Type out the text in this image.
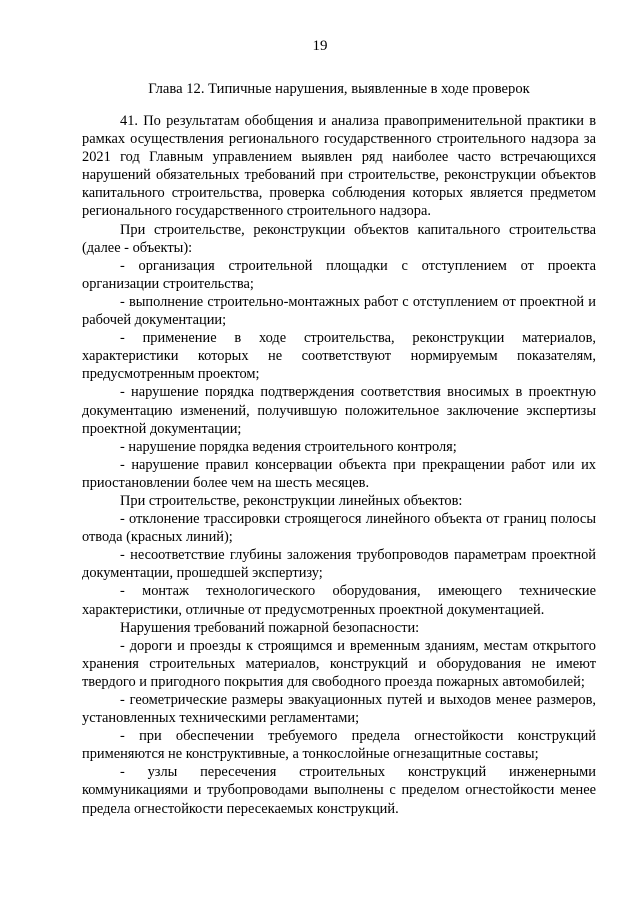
19
Глава 12. Типичные нарушения, выявленные в ходе проверок

41. По результатам обобщения и анализа правоприменительной практики в рамках осуществления регионального государственного строительного надзора за 2021 год Главным управлением выявлен ряд наиболее часто встречающихся нарушений обязательных требований при строительстве, реконструкции объектов капитального строительства, проверка соблюдения которых является предметом регионального государственного строительного надзора.

При строительстве, реконструкции объектов капитального строительства (далее - объекты):

- организация строительной площадки с отступлением от проекта организации строительства;

- выполнение строительно-монтажных работ с отступлением от проектной и рабочей документации;

- применение в ходе строительства, реконструкции материалов, характеристики которых не соответствуют нормируемым показателям, предусмотренным проектом;

- нарушение порядка подтверждения соответствия вносимых в проектную документацию изменений, получившую положительное заключение экспертизы проектной документации;

- нарушение порядка ведения строительного контроля;

- нарушение правил консервации объекта при прекращении работ или их приостановлении более чем на шесть месяцев.

При строительстве, реконструкции линейных объектов:

- отклонение трассировки строящегося линейного объекта от границ полосы отвода (красных линий);

- несоответствие глубины заложения трубопроводов параметрам проектной документации, прошедшей экспертизу;

- монтаж технологического оборудования, имеющего технические характеристики, отличные от предусмотренных проектной документацией.

Нарушения требований пожарной безопасности:

- дороги и проезды к строящимся и временным зданиям, местам открытого хранения строительных материалов, конструкций и оборудования не имеют твердого и пригодного покрытия для свободного проезда пожарных автомобилей;

- геометрические размеры эвакуационных путей и выходов менее размеров, установленных техническими регламентами;

- при обеспечении требуемого предела огнестойкости конструкций применяются не конструктивные, а тонкослойные огнезащитные составы;

- узлы пересечения строительных конструкций инженерными коммуникациями и трубопроводами выполнены с пределом огнестойкости менее предела огнестойкости пересекаемых конструкций.
